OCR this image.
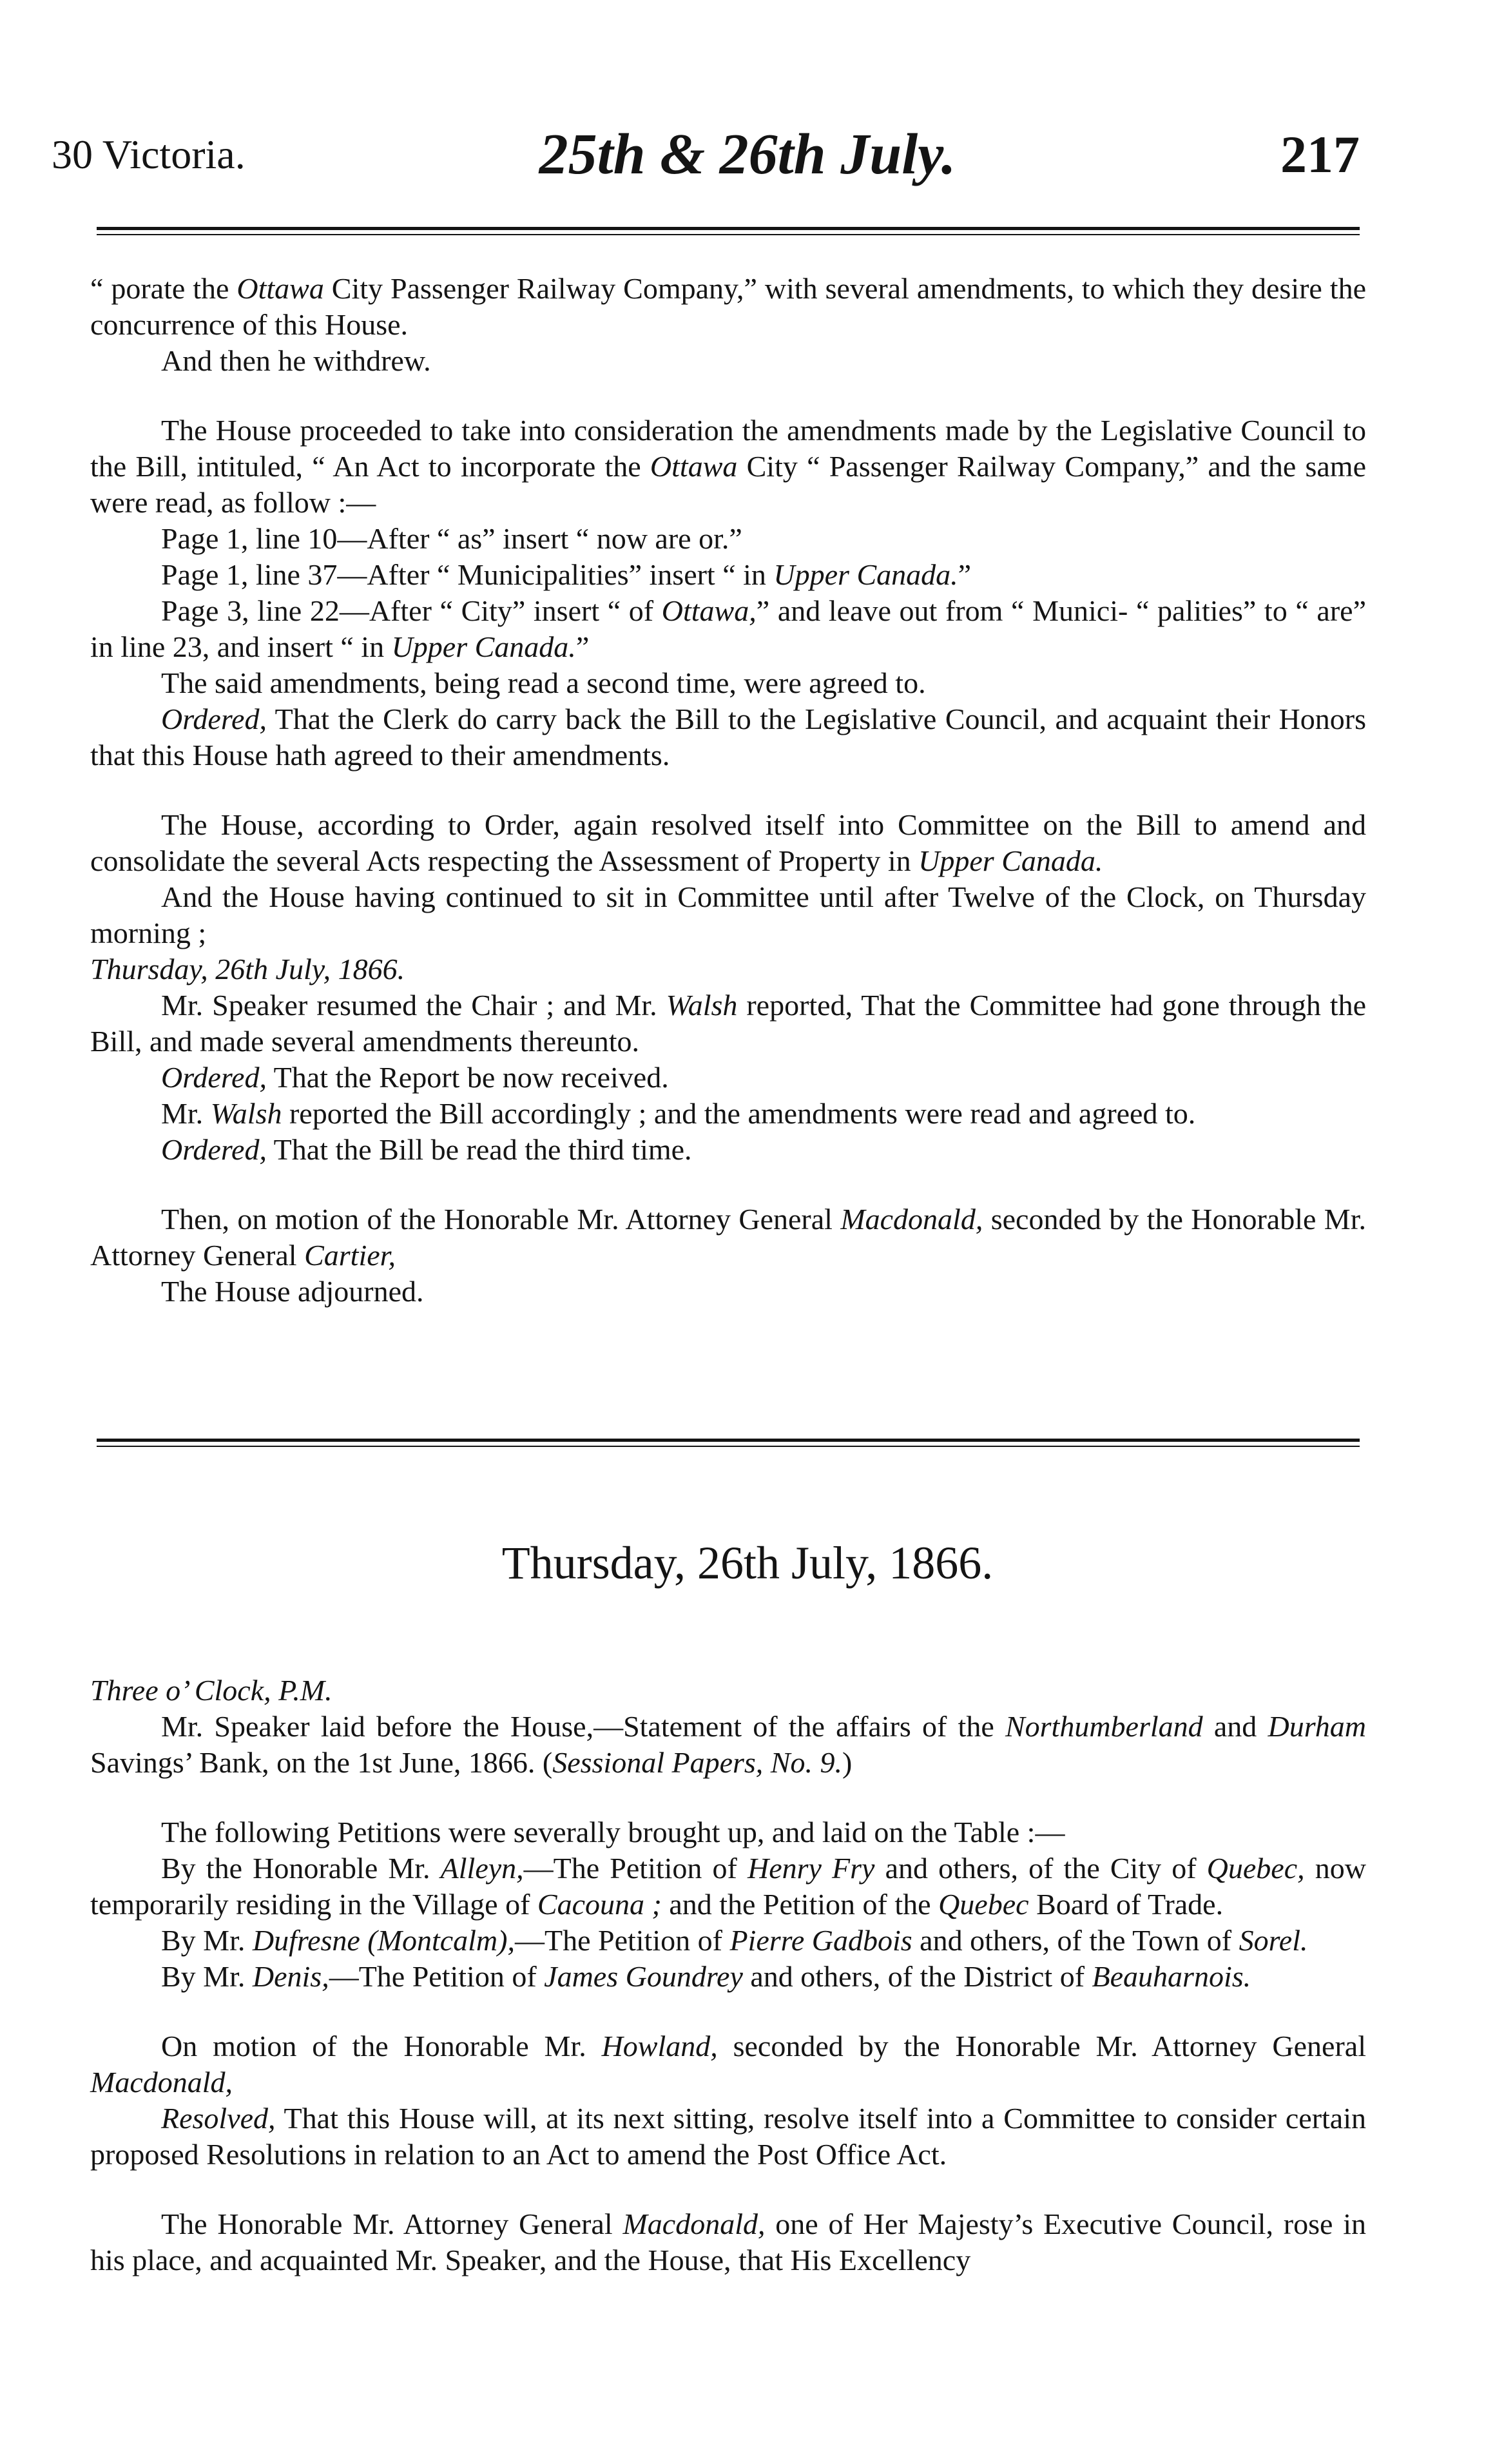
25th & 26th July.
30 Victoria.	217

“ porate the Ottawa City Passenger Railway Company,” with several amendments, to which they desire the concurrence of this House.

And then he withdrew.

The House proceeded to take into consideration the amendments made by the Legislative Council to the Bill, intituled, “ An Act to incorporate the Ottawa City “ Passenger Railway Company,” and the same were read, as follow :—

Page 1, line 10—After “ as” insert “ now are or.”

Page 1, line 37—After “ Municipalities” insert “ in Upper Canada.”

Page 3, line 22—After “ City” insert “ of Ottawa,” and leave out from “ Munici- “ palities” to “ are” in line 23, and insert “ in Upper Canada.”

The said amendments, being read a second time, were agreed to.

Ordered, That the Clerk do carry back the Bill to the Legislative Council, and acquaint their Honors that this House hath agreed to their amendments.

The House, according to Order, again resolved itself into Committee on the Bill to amend and consolidate the several Acts respecting the Assessment of Property in Upper Canada.

And the House having continued to sit in Committee until after Twelve of the Clock, on Thursday morning ;

Thursday, 26th July, 1866.

Mr. Speaker resumed the Chair ; and Mr. Walsh reported, That the Committee had gone through the Bill, and made several amendments thereunto.

Ordered, That the Report be now received.

Mr. Walsh reported the Bill accordingly ; and the amendments were read and agreed to.

Ordered, That the Bill be read the third time.

Then, on motion of the Honorable Mr. Attorney General Macdonald, seconded by the Honorable Mr. Attorney General Cartier,

The House adjourned.

Thursday, 26th July, 1866.

Three o’ Clock, P.M.

Mr. Speaker laid before the House,—Statement of the affairs of the Northumberland and Durham Savings’ Bank, on the 1st June, 1866. (Sessional Papers, No. 9.)

The following Petitions were severally brought up, and laid on the Table :—

By the Honorable Mr. Alleyn,—The Petition of Henry Fry and others, of the City of Quebec, now temporarily residing in the Village of Cacouna ; and the Petition of the Quebec Board of Trade.

By Mr. Dufresne (Montcalm),—The Petition of Pierre Gadbois and others, of the Town of Sorel.

By Mr. Denis,—The Petition of James Goundrey and others, of the District of Beauharnois.

On motion of the Honorable Mr. Howland, seconded by the Honorable Mr. Attorney General Macdonald,

Resolved, That this House will, at its next sitting, resolve itself into a Committee to consider certain proposed Resolutions in relation to an Act to amend the Post Office Act.

The Honorable Mr. Attorney General Macdonald, one of Her Majesty’s Executive Council, rose in his place, and acquainted Mr. Speaker, and the House, that His Excellency
